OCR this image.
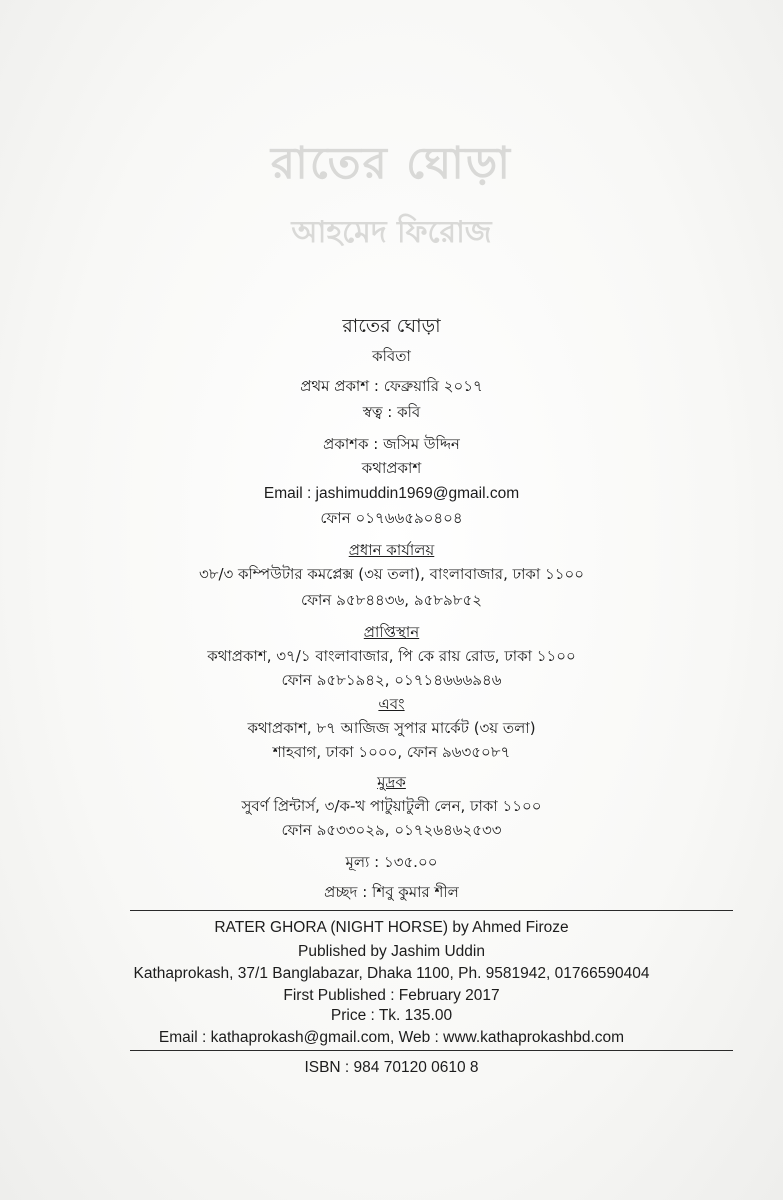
রাতের ঘোড়া
আহমেদ ফিরোজ
রাতের ঘোড়া
কবিতা
প্রথম প্রকাশ : ফেব্রুয়ারি ২০১৭
স্বত্ব : কবি
প্রকাশক : জসিম উদ্দিন
কথাপ্রকাশ
Email : jashimuddin1969@gmail.com
ফোন ০১৭৬৬৫৯০৪০৪
প্রধান কার্যালয়
৩৮/৩ কম্পিউটার কমপ্লেক্স (৩য় তলা), বাংলাবাজার, ঢাকা ১১০০
ফোন ৯৫৮৪৪৩৬, ৯৫৮৯৮৫২
প্রাপ্তিস্থান
কথাপ্রকাশ, ৩৭/১ বাংলাবাজার, পি কে রায় রোড, ঢাকা ১১০০
ফোন ৯৫৮১৯৪২, ০১৭১৪৬৬৬৯৪৬
এবং
কথাপ্রকাশ, ৮৭ আজিজ সুপার মার্কেট (৩য় তলা)
শাহবাগ, ঢাকা ১০০০, ফোন ৯৬৩৫০৮৭
মুদ্রক
সুবর্ণ প্রিন্টার্স, ৩/ক-খ পাটুয়াটুলী লেন, ঢাকা ১১০০
ফোন ৯৫৩৩০২৯, ০১৭২৬৪৬২৫৩৩
মূল্য : ১৩৫.০০
প্রচ্ছদ : শিবু কুমার শীল
RATER GHORA (NIGHT HORSE) by Ahmed Firoze
Published by Jashim Uddin
Kathaprokash, 37/1 Banglabazar, Dhaka 1100, Ph. 9581942, 01766590404
First Published : February 2017
Price : Tk. 135.00
Email : kathaprokash@gmail.com, Web : www.kathaprokashbd.com
ISBN : 984 70120 0610 8
